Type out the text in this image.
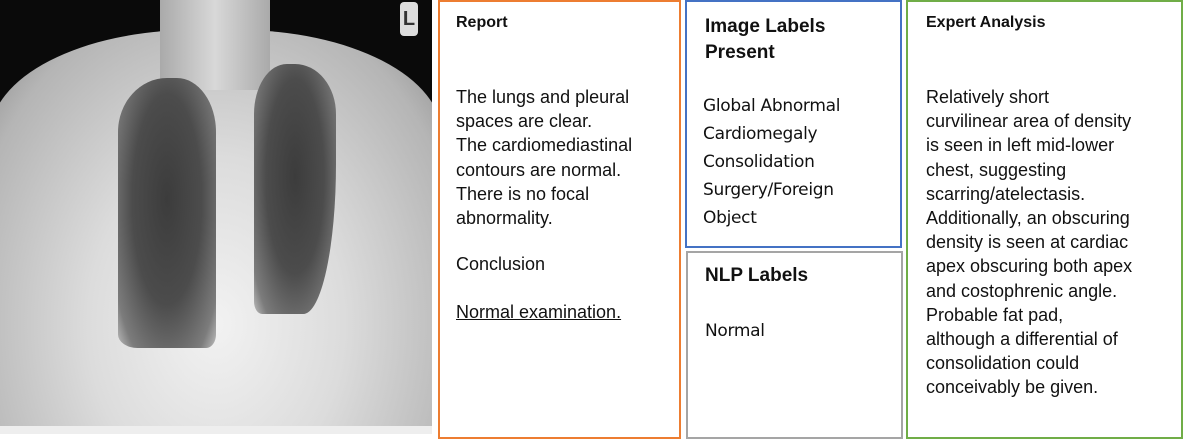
L	Report
The lungs and pleural
spaces are clear.
The cardiomediastinal
contours are normal.
There is no focal
abnormality.
Conclusion
Normal examination.
Image Labels
Present
Global Abnormal
Cardiomegaly
Consolidation
Surgery/Foreign
Object
NLP Labels
Normal
Expert Analysis
Relatively short
curvilinear area of density
is seen in left mid-lower
chest, suggesting
scarring/atelectasis.
Additionally, an obscuring
density is seen at cardiac
apex obscuring both apex
and costophrenic angle.
Probable fat pad,
although a differential of
consolidation could
conceivably be given.
